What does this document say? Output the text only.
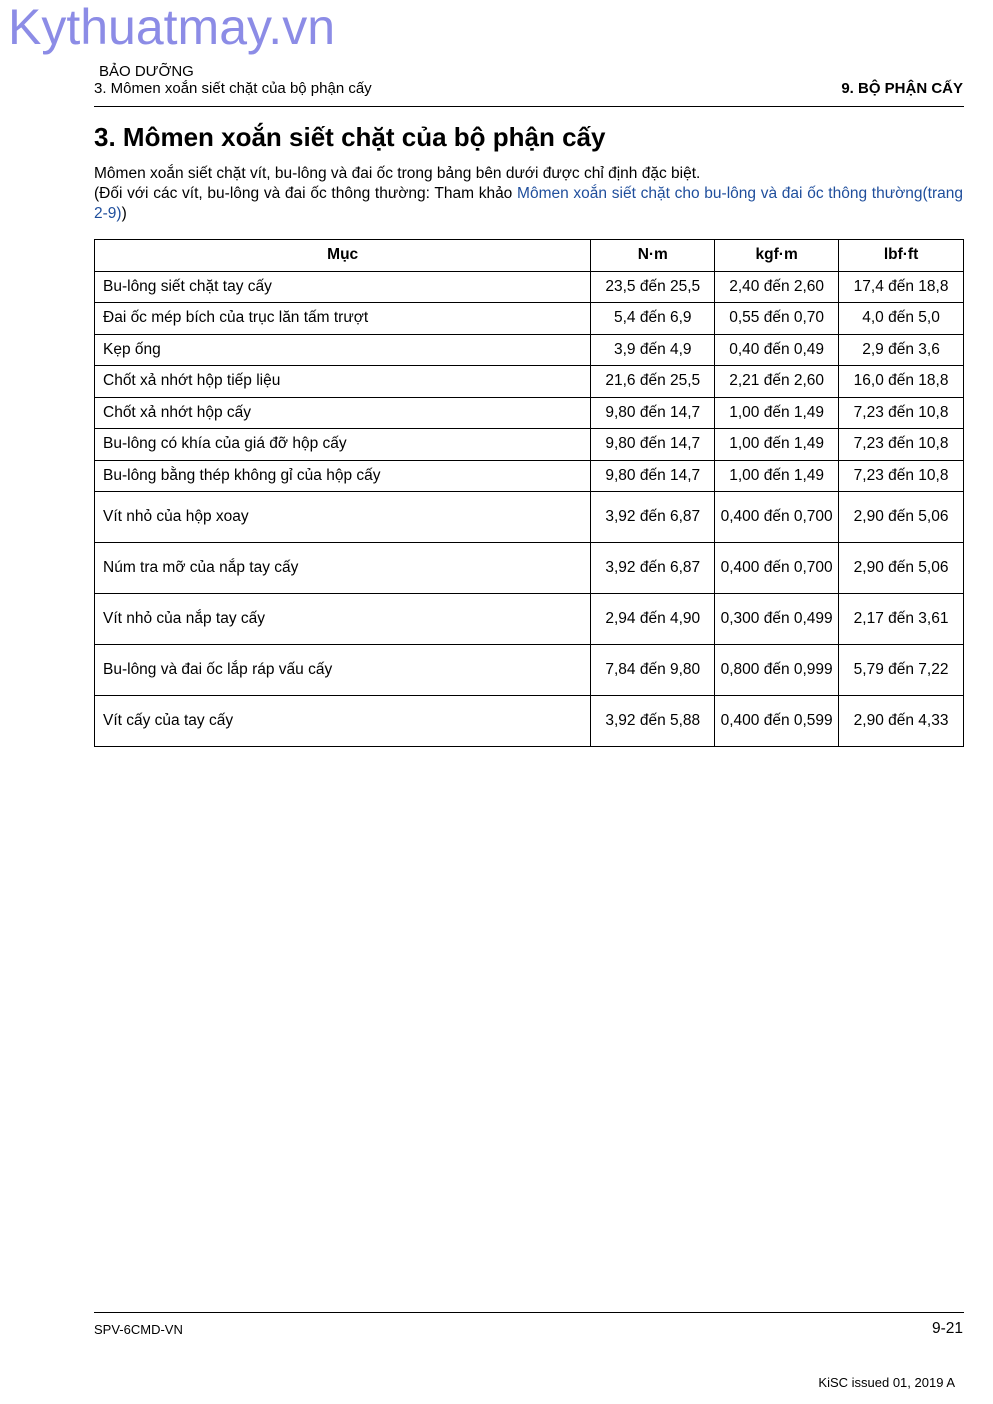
Kythuatmay.vn
BẢO DƯỠNG
3. Mômen xoắn siết chặt của bộ phận cấy	9. BỘ PHẬN CẤY
3. Mômen xoắn siết chặt của bộ phận cấy

Mômen xoắn siết chặt vít, bu-lông và đai ốc trong bảng bên dưới được chỉ định đặc biệt.

(Đối với các vít, bu-lông và đai ốc thông thường: Tham khảo Mômen xoắn siết chặt cho bu-lông và đai ốc thông thường(trang 2-9))

Mục	N·m	kgf·m	lbf·ft
Bu-lông siết chặt tay cấy	23,5 đến 25,5	2,40 đến 2,60	17,4 đến 18,8
Đai ốc mép bích của trục lăn tấm trượt	5,4 đến 6,9	0,55 đến 0,70	4,0 đến 5,0
Kẹp ống	3,9 đến 4,9	0,40 đến 0,49	2,9 đến 3,6
Chốt xả nhớt hộp tiếp liệu	21,6 đến 25,5	2,21 đến 2,60	16,0 đến 18,8
Chốt xả nhớt hộp cấy	9,80 đến 14,7	1,00 đến 1,49	7,23 đến 10,8
Bu-lông có khía của giá đỡ hộp cấy	9,80 đến 14,7	1,00 đến 1,49	7,23 đến 10,8
Bu-lông bằng thép không gỉ của hộp cấy	9,80 đến 14,7	1,00 đến 1,49	7,23 đến 10,8
Vít nhỏ của hộp xoay	3,92 đến 6,87	0,400 đến 0,700	2,90 đến 5,06
Núm tra mỡ của nắp tay cấy	3,92 đến 6,87	0,400 đến 0,700	2,90 đến 5,06
Vít nhỏ của nắp tay cấy	2,94 đến 4,90	0,300 đến 0,499	2,17 đến 3,61
Bu-lông và đai ốc lắp ráp vấu cấy	7,84 đến 9,80	0,800 đến 0,999	5,79 đến 7,22
Vít cấy của tay cấy	3,92 đến 5,88	0,400 đến 0,599	2,90 đến 4,33
SPV-6CMD-VN	9-21
KiSC issued 01, 2019 A
